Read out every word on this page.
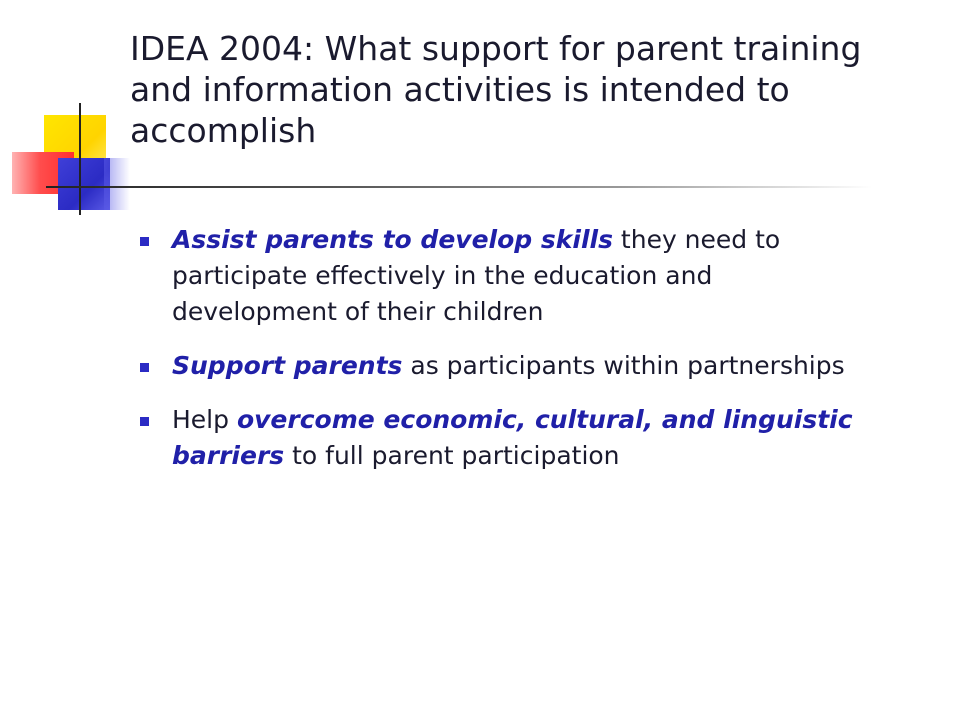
IDEA 2004: What support for parent training and information activities is intended to accomplish
Assist parents to develop skills they need to participate effectively in the education and development of their children
Support parents as participants within partnerships
Help overcome economic, cultural, and linguistic barriers to full parent participation
